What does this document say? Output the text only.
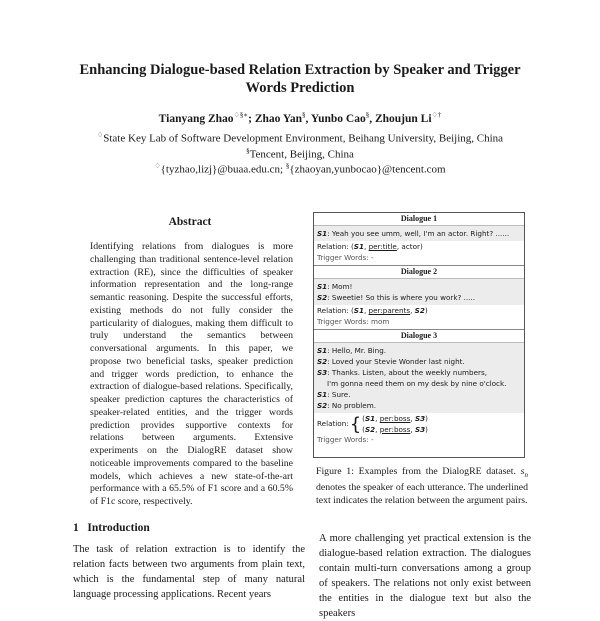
Enhancing Dialogue-based Relation Extraction by Speaker and Trigger Words Prediction
Tianyang Zhao♢§∗; Zhao Yan§, Yunbo Cao§, Zhoujun Li♢†
♢State Key Lab of Software Development Environment, Beihang University, Beijing, China
§Tencent, Beijing, China
♢{tyzhao,lizj}@buaa.edu.cn; §{zhaoyan,yunbocao}@tencent.com
Abstract
Identifying relations from dialogues is more challenging than traditional sentence-level relation extraction (RE), since the difficulties of speaker information representation and the long-range semantic reasoning. Despite the successful efforts, existing methods do not fully consider the particularity of dialogues, making them difficult to truly understand the semantics between conversational arguments. In this paper, we propose two beneficial tasks, speaker prediction and trigger words prediction, to enhance the extraction of dialogue-based relations. Specifically, speaker prediction captures the characteristics of speaker-related entities, and the trigger words prediction provides supportive contexts for relations between arguments. Extensive experiments on the DialogRE dataset show noticeable improvements compared to the baseline models, which achieves a new state-of-the-art performance with a 65.5% of F1 score and a 60.5% of F1c score, respectively.
1   Introduction
The task of relation extraction is to identify the relation facts between two arguments from plain text, which is the fundamental step of many natural language processing applications. Recent years
Dialogue 1
S1: Yeah you see umm, well, I'm an actor. Right? ......
Relation: (S1, per:title, actor)
Trigger Words: -
Dialogue 2
S1: Mom!
S2: Sweetie! So this is where you work? .....
Relation: (S1, per:parents, S2)
Trigger Words: mom
Dialogue 3
S1: Hello, Mr. Bing.
S2: Loved your Stevie Wonder last night.
S3: Thanks. Listen, about the weekly numbers,
I'm gonna need them on my desk by nine o'clock.
S1: Sure.
S2: No problem.
Relation: { (S1, per:boss, S3)
(S2, per:boss, S3)
Trigger Words: -
Figure 1: Examples from the DialogRE dataset. $s_n$ denotes the speaker of each utterance. The underlined text indicates the relation between the argument pairs.
A more challenging yet practical extension is the dialogue-based relation extraction. The dialogues contain multi-turn conversations among a group of speakers. The relations not only exist between the entities in the dialogue text but also the speakers
